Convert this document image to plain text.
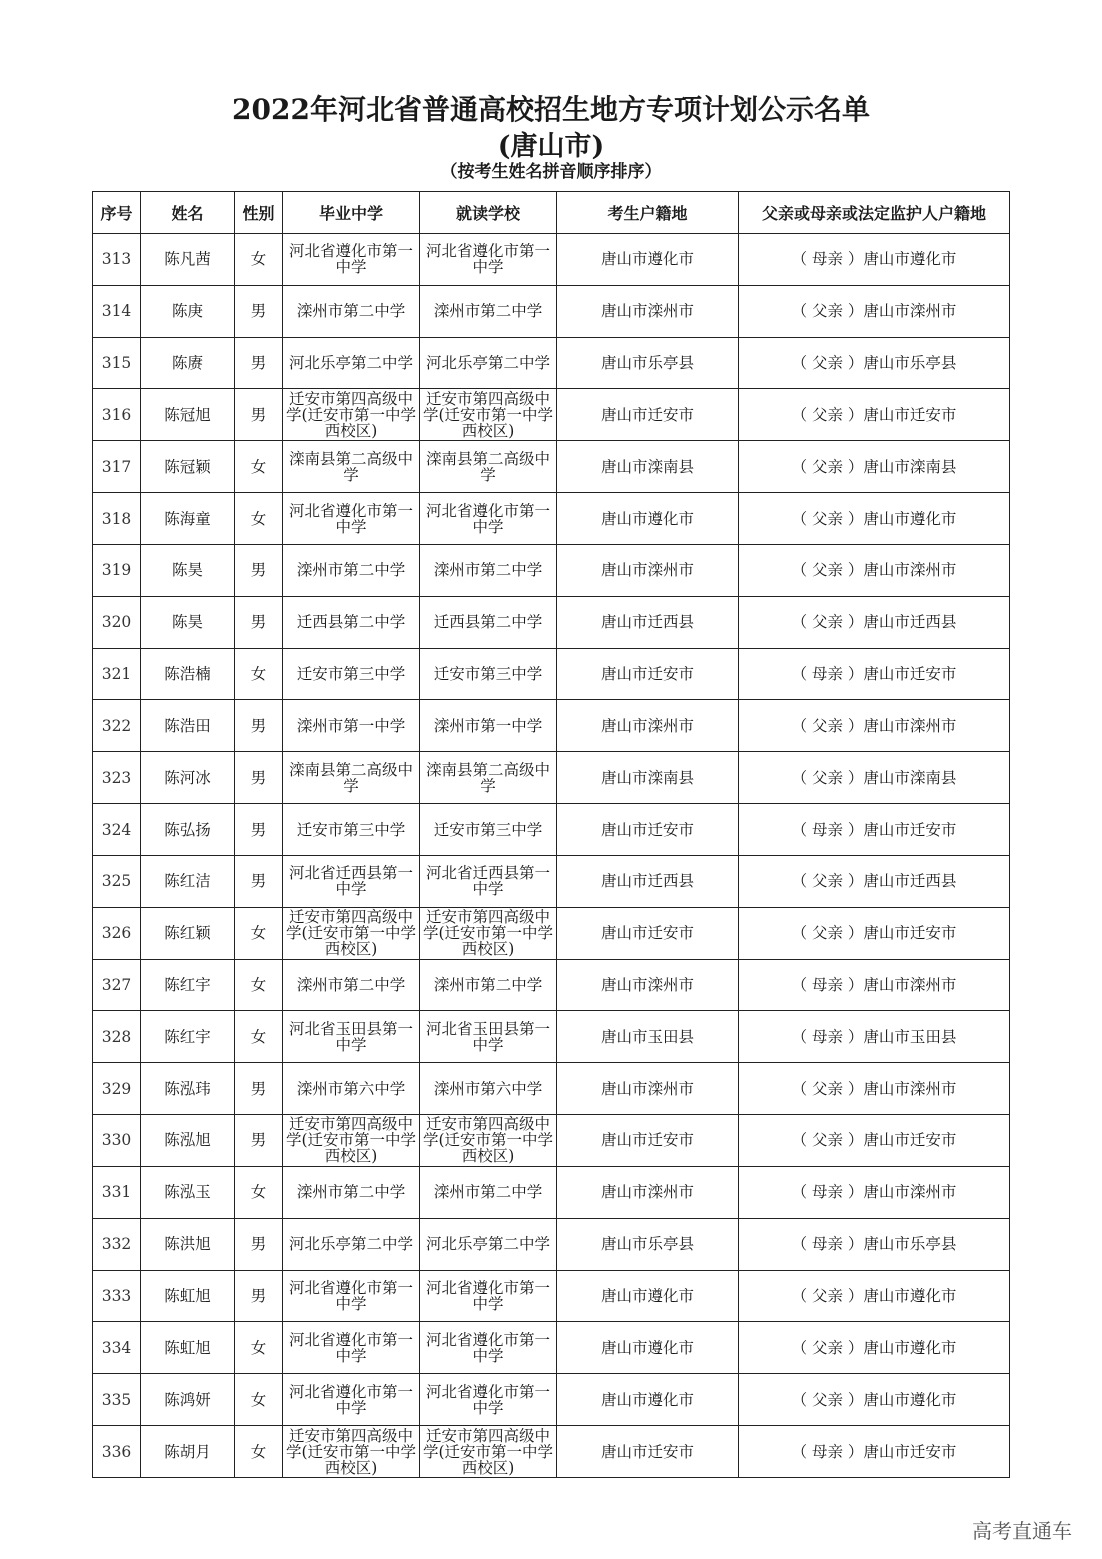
2022年河北省普通高校招生地方专项计划公示名单
(唐山市)
（按考生姓名拼音顺序排序）
序号	姓名	性别	毕业中学	就读学校	考生户籍地	父亲或母亲或法定监护人户籍地
313	陈凡茜	女	河北省遵化市第一中学	河北省遵化市第一中学	唐山市遵化市	（ 母亲 ）唐山市遵化市
314	陈庚	男	滦州市第二中学	滦州市第二中学	唐山市滦州市	（ 父亲 ）唐山市滦州市
315	陈赓	男	河北乐亭第二中学	河北乐亭第二中学	唐山市乐亭县	（ 父亲 ）唐山市乐亭县
316	陈冠旭	男	迁安市第四高级中学(迁安市第一中学西校区)	迁安市第四高级中学(迁安市第一中学西校区)	唐山市迁安市	（ 父亲 ）唐山市迁安市
317	陈冠颖	女	滦南县第二高级中学	滦南县第二高级中学	唐山市滦南县	（ 父亲 ）唐山市滦南县
318	陈海童	女	河北省遵化市第一中学	河北省遵化市第一中学	唐山市遵化市	（ 父亲 ）唐山市遵化市
319	陈昊	男	滦州市第二中学	滦州市第二中学	唐山市滦州市	（ 父亲 ）唐山市滦州市
320	陈昊	男	迁西县第二中学	迁西县第二中学	唐山市迁西县	（ 父亲 ）唐山市迁西县
321	陈浩楠	女	迁安市第三中学	迁安市第三中学	唐山市迁安市	（ 母亲 ）唐山市迁安市
322	陈浩田	男	滦州市第一中学	滦州市第一中学	唐山市滦州市	（ 父亲 ）唐山市滦州市
323	陈河冰	男	滦南县第二高级中学	滦南县第二高级中学	唐山市滦南县	（ 父亲 ）唐山市滦南县
324	陈弘扬	男	迁安市第三中学	迁安市第三中学	唐山市迁安市	（ 母亲 ）唐山市迁安市
325	陈红洁	男	河北省迁西县第一中学	河北省迁西县第一中学	唐山市迁西县	（ 父亲 ）唐山市迁西县
326	陈红颖	女	迁安市第四高级中学(迁安市第一中学西校区)	迁安市第四高级中学(迁安市第一中学西校区)	唐山市迁安市	（ 父亲 ）唐山市迁安市
327	陈红宇	女	滦州市第二中学	滦州市第二中学	唐山市滦州市	（ 母亲 ）唐山市滦州市
328	陈红宇	女	河北省玉田县第一中学	河北省玉田县第一中学	唐山市玉田县	（ 母亲 ）唐山市玉田县
329	陈泓玮	男	滦州市第六中学	滦州市第六中学	唐山市滦州市	（ 父亲 ）唐山市滦州市
330	陈泓旭	男	迁安市第四高级中学(迁安市第一中学西校区)	迁安市第四高级中学(迁安市第一中学西校区)	唐山市迁安市	（ 父亲 ）唐山市迁安市
331	陈泓玉	女	滦州市第二中学	滦州市第二中学	唐山市滦州市	（ 母亲 ）唐山市滦州市
332	陈洪旭	男	河北乐亭第二中学	河北乐亭第二中学	唐山市乐亭县	（ 母亲 ）唐山市乐亭县
333	陈虹旭	男	河北省遵化市第一中学	河北省遵化市第一中学	唐山市遵化市	（ 父亲 ）唐山市遵化市
334	陈虹旭	女	河北省遵化市第一中学	河北省遵化市第一中学	唐山市遵化市	（ 父亲 ）唐山市遵化市
335	陈鸿妍	女	河北省遵化市第一中学	河北省遵化市第一中学	唐山市遵化市	（ 父亲 ）唐山市遵化市
336	陈胡月	女	迁安市第四高级中学(迁安市第一中学西校区)	迁安市第四高级中学(迁安市第一中学西校区)	唐山市迁安市	（ 母亲 ）唐山市迁安市
高考直通车
